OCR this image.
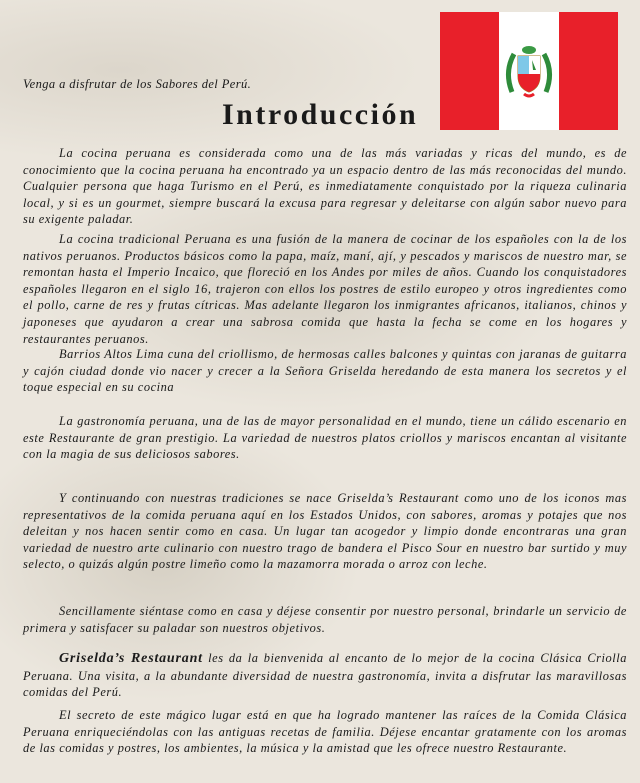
Venga a disfrutar de los Sabores del Perú.
Introducción

La cocina peruana es considerada como una de las más variadas y ricas del mundo, es de conocimiento que la cocina peruana ha encontrado ya un espacio dentro de las más reconocidas del mundo. Cualquier persona que haga Turismo en el Perú, es inmediatamente conquistado por la riqueza culinaria local, y si es un gourmet, siempre buscará la excusa para regresar y deleitarse con algún sabor nuevo para su exigente paladar.

La cocina tradicional Peruana es una fusión de la manera de cocinar de los españoles con la de los nativos peruanos. Productos básicos como la papa, maíz, maní, ají, y pescados y mariscos de nuestro mar, se remontan hasta el Imperio Incaico, que floreció en los Andes por miles de años. Cuando los conquistadores españoles llegaron en el siglo 16, trajeron con ellos los postres de estilo europeo y otros ingredientes como el pollo, carne de res y frutas cítricas. Mas adelante llegaron los inmigrantes africanos, italianos, chinos y japoneses que ayudaron a crear una sabrosa comida que hasta la fecha se come en los hogares y restaurantes peruanos.

Barrios Altos Lima cuna del criollismo, de hermosas calles balcones y quintas con jaranas de guitarra y cajón ciudad donde vio nacer y crecer a la Señora Griselda heredando de esta manera los secretos y el toque especial en su cocina

La gastronomía peruana, una de las de mayor personalidad en el mundo, tiene un cálido escenario en este Restaurante de gran prestigio. La variedad de nuestros platos criollos y mariscos encantan al visitante con la magia de sus deliciosos sabores.

Y continuando con nuestras tradiciones se nace Griselda’s Restaurant como uno de los iconos mas representativos de la comida peruana aquí en los Estados Unidos, con sabores, aromas y potajes que nos deleitan y nos hacen sentir como en casa. Un lugar tan acogedor y limpio donde encontraras una gran variedad de nuestro arte culinario con nuestro trago de bandera el Pisco Sour en nuestro bar surtido y muy selecto, o quizás algún postre limeño como la mazamorra morada o arroz con leche.

Sencillamente siéntase como en casa y déjese consentir por nuestro personal, brindarle un servicio de primera y satisfacer su paladar son nuestros objetivos.

Griselda’s Restaurant les da la bienvenida al encanto de lo mejor de la cocina Clásica Criolla Peruana. Una visita, a la abundante diversidad de nuestra gastronomía, invita a disfrutar las maravillosas comidas del Perú.

El secreto de este mágico lugar está en que ha logrado mantener las raíces de la Comida Clásica Peruana enriqueciéndolas con las antiguas recetas de familia. Déjese encantar gratamente con los aromas de las comidas y postres, los ambientes, la música y la amistad que les ofrece nuestro Restaurante.
